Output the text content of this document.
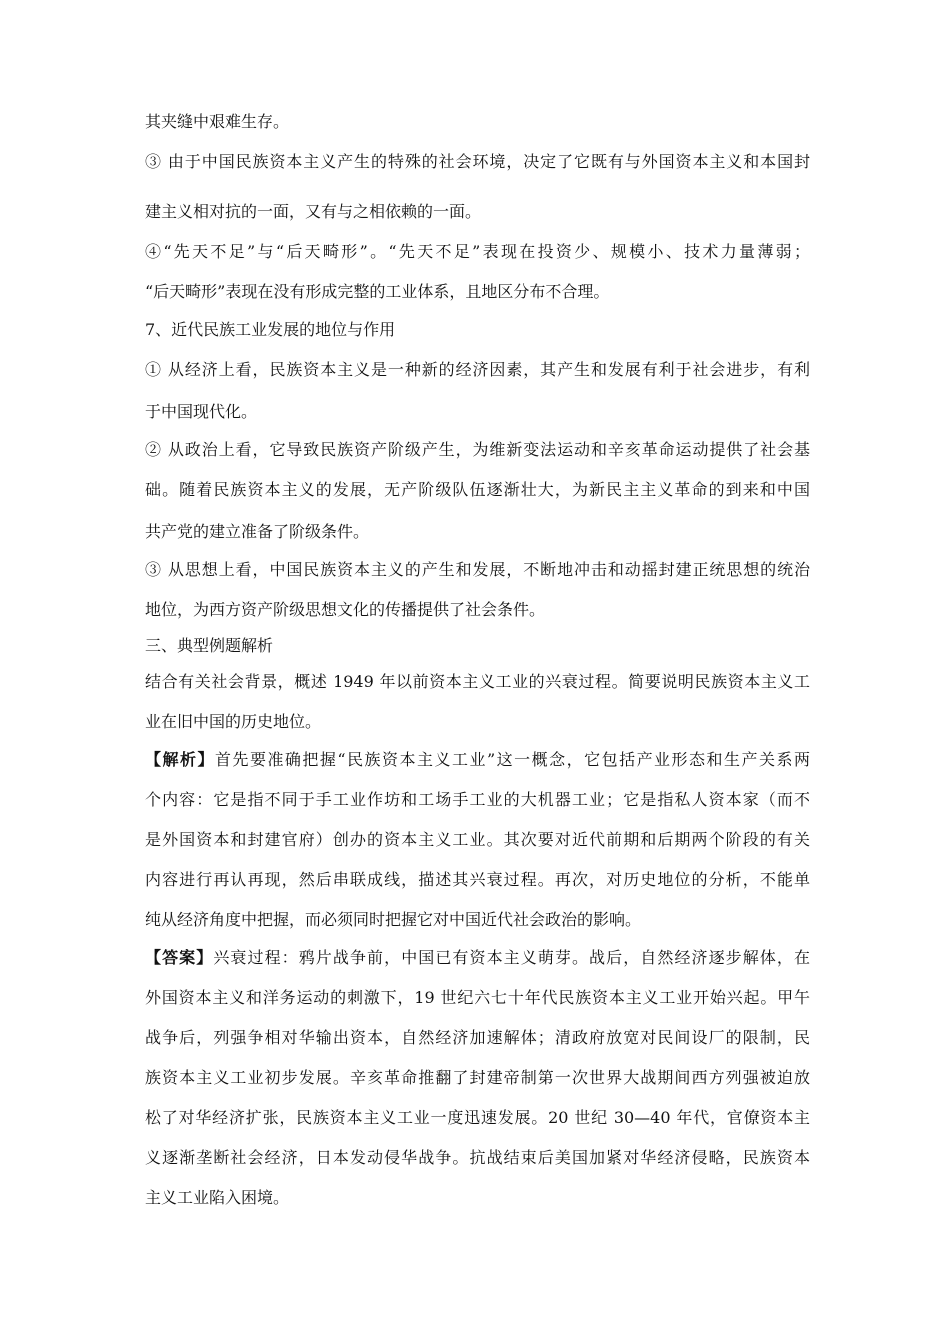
其夹缝中艰难生存。
③ 由于中国民族资本主义产生的特殊的社会环境，决定了它既有与外国资本主义和本国封
建主义相对抗的一面，又有与之相依赖的一面。
④“先天不足”与“后天畸形”。“先天不足”表现在投资少、规模小、技术力量薄弱；
“后天畸形”表现在没有形成完整的工业体系，且地区分布不合理。
7、近代民族工业发展的地位与作用
① 从经济上看，民族资本主义是一种新的经济因素，其产生和发展有利于社会进步，有利
于中国现代化。
② 从政治上看，它导致民族资产阶级产生，为维新变法运动和辛亥革命运动提供了社会基
础。随着民族资本主义的发展，无产阶级队伍逐渐壮大，为新民主主义革命的到来和中国
共产党的建立准备了阶级条件。
③ 从思想上看，中国民族资本主义的产生和发展，不断地冲击和动摇封建正统思想的统治
地位，为西方资产阶级思想文化的传播提供了社会条件。
三、典型例题解析
结合有关社会背景，概述 1949 年以前资本主义工业的兴衰过程。简要说明民族资本主义工
业在旧中国的历史地位。
【解析】首先要准确把握“民族资本主义工业”这一概念，它包括产业形态和生产关系两
个内容：它是指不同于手工业作坊和工场手工业的大机器工业；它是指私人资本家（而不
是外国资本和封建官府）创办的资本主义工业。其次要对近代前期和后期两个阶段的有关
内容进行再认再现，然后串联成线，描述其兴衰过程。再次，对历史地位的分析，不能单
纯从经济角度中把握，而必须同时把握它对中国近代社会政治的影响。
【答案】兴衰过程：鸦片战争前，中国已有资本主义萌芽。战后，自然经济逐步解体，在
外国资本主义和洋务运动的刺激下，19 世纪六七十年代民族资本主义工业开始兴起。甲午
战争后，列强争相对华输出资本，自然经济加速解体；清政府放宽对民间设厂的限制，民
族资本主义工业初步发展。辛亥革命推翻了封建帝制第一次世界大战期间西方列强被迫放
松了对华经济扩张，民族资本主义工业一度迅速发展。20 世纪 30—40 年代，官僚资本主
义逐渐垄断社会经济，日本发动侵华战争。抗战结束后美国加紧对华经济侵略，民族资本
主义工业陷入困境。
